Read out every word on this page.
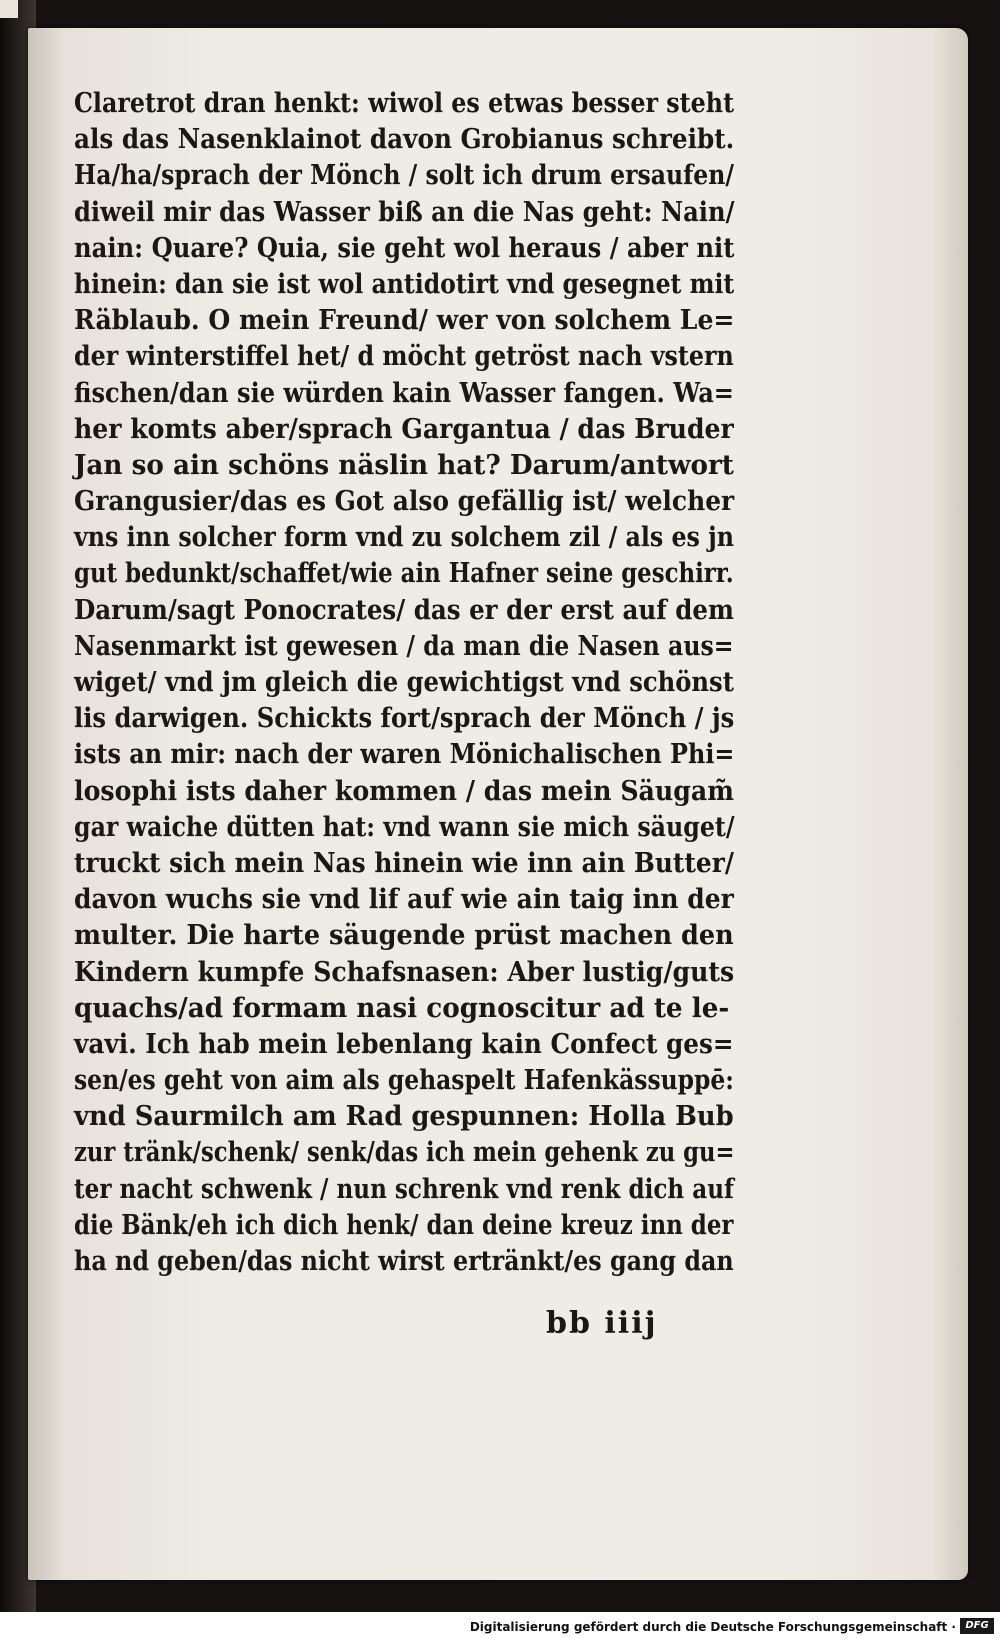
Claretrot dran henkt: wiwol es etwas besser steht
als das Nasenklainot davon Grobianus schreibt.
Ha/ha/sprach der Mönch / solt ich drum ersaufen/
diweil mir das Wasser biß an die Nas geht: Nain/
nain: Quare? Quia, sie geht wol heraus / aber nit
hinein: dan sie ist wol antidotirt vnd gesegnet mit
Räblaub. O mein Freund/ wer von solchem Le=
der winterstiffel het/ d möcht getröst nach vstern
fischen/dan sie würden kain Wasser fangen. Wa=
her komts aber/sprach Gargantua / das Bruder
Jan so ain schöns näslin hat? Darum/antwort
Grangusier/das es Got also gefällig ist/ welcher
vns inn solcher form vnd zu solchem zil / als es jn
gut bedunkt/schaffet/wie ain Hafner seine geschirr.
Darum/sagt Ponocrates/ das er der erst auf dem
Nasenmarkt ist gewesen / da man die Nasen aus=
wiget/ vnd jm gleich die gewichtigst vnd schönst
lis darwigen. Schickts fort/sprach der Mönch / js
ists an mir: nach der waren Mönichalischen Phi=
losophi ists daher kommen / das mein Säugam̃
gar waiche dütten hat: vnd wann sie mich säuget/
truckt sich mein Nas hinein wie inn ain Butter/
davon wuchs sie vnd lif auf wie ain taig inn der
multer. Die harte säugende prüst machen den
Kindern kumpfe Schafsnasen: Aber lustig/guts
quachs/ad formam nasi cognoscitur ad te le-
vavi. Ich hab mein lebenlang kain Confect ges=
sen/es geht von aim als gehaspelt Hafenkässuppē:
vnd Saurmilch am Rad gespunnen: Holla Bub
zur tränk/schenk/ senk/das ich mein gehenk zu gu=
ter nacht schwenk / nun schrenk vnd renk dich auf
die Bänk/eh ich dich henk/ dan deine kreuz inn der
ha nd geben/das nicht wirst ertränkt/es gang dan
bb iiij
Digitalisierung gefördert durch die Deutsche Forschungsgemeinschaft · DFG
